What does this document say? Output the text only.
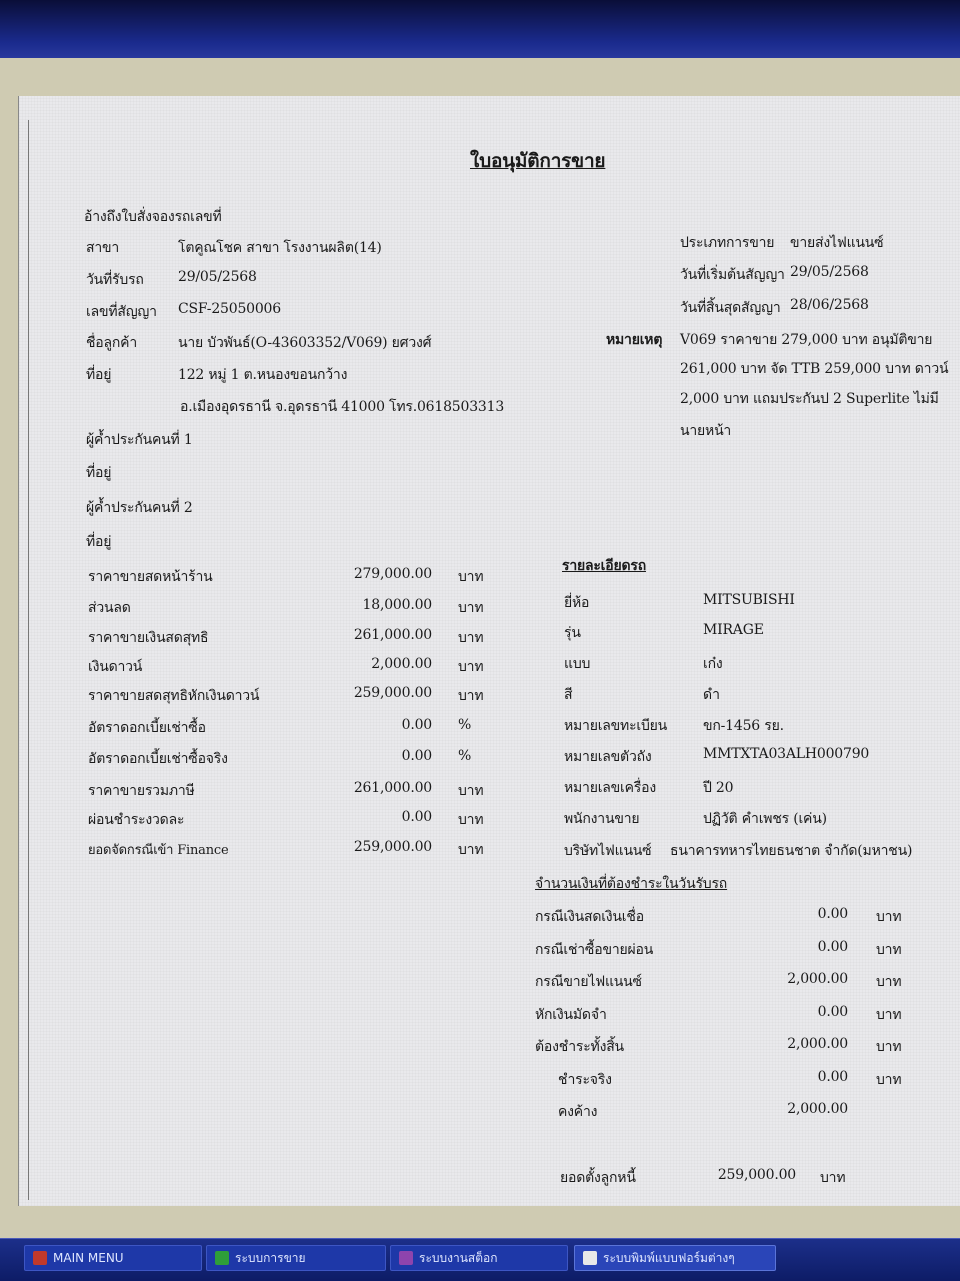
ใบอนุมัติการขาย
อ้างถึงใบสั่งจองรถเลขที่
สาขา	โตคูณโชค สาขา โรงงานผลิต(14)
วันที่รับรถ 29/05/2568
เลขที่สัญญา CSF-25050006
ชื่อลูกค้า	นาย บัวพันธ์(O-43603352/V069) ยศวงศ์
ที่อยู่	122 หมู่ 1 ต.หนองขอนกว้าง
อ.เมืองอุดรธานี จ.อุดรธานี 41000 โทร.0618503313
ผู้ค้ำประกันคนที่ 1
ที่อยู่
ผู้ค้ำประกันคนที่ 2
ที่อยู่
ประเภทการขาย ขายส่งไฟแนนซ์
วันที่เริ่มต้นสัญญา 29/05/2568
วันที่สิ้นสุดสัญญา 28/06/2568
หมายเหตุ V069 ราคาขาย 279,000 บาท อนุมัติขาย
261,000 บาท จัด TTB 259,000 บาท ดาวน์
2,000 บาท แถมประกันป 2 Superlite ไม่มี
นายหน้า
ราคาขายสดหน้าร้าน	279,000.00 บาท
ส่วนลด	18,000.00 บาท
ราคาขายเงินสดสุทธิ	261,000.00 บาท
เงินดาวน์	2,000.00 บาท
ราคาขายสดสุทธิหักเงินดาวน์	259,000.00 บาท
อัตราดอกเบี้ยเช่าซื้อ	0.00 %
อัตราดอกเบี้ยเช่าซื้อจริง	0.00 %
ราคาขายรวมภาษี	261,000.00 บาท
ผ่อนชำระงวดละ	0.00 บาท
ยอดจัดกรณีเข้า Finance	259,000.00 บาท
รายละเอียดรถ
ยี่ห้อ	MITSUBISHI
รุ่น	MIRAGE
แบบ	เก๋ง
สี	ดำ
หมายเลขทะเบียน	ขก-1456 รย.
หมายเลขตัวถัง	MMTXTA03ALH000790
หมายเลขเครื่อง	ปี 20
พนักงานขาย	ปฏิวัติ คำเพชร (เค่น)
บริษัทไฟแนนซ์ ธนาคารทหารไทยธนชาต จำกัด(มหาชน)
จำนวนเงินที่ต้องชำระในวันรับรถ
กรณีเงินสดเงินเชื่อ	0.00 บาท
กรณีเช่าซื้อขายผ่อน	0.00 บาท
กรณีขายไฟแนนซ์	2,000.00 บาท
หักเงินมัดจำ	0.00 บาท
ต้องชำระทั้งสิ้น	2,000.00 บาท
ชำระจริง	0.00 บาท
คงค้าง	2,000.00
ยอดตั้งลูกหนี้	259,000.00 บาท
MAIN MENU	ระบบการขาย	ระบบงานสต็อก	ระบบพิมพ์แบบฟอร์มต่างๆ
